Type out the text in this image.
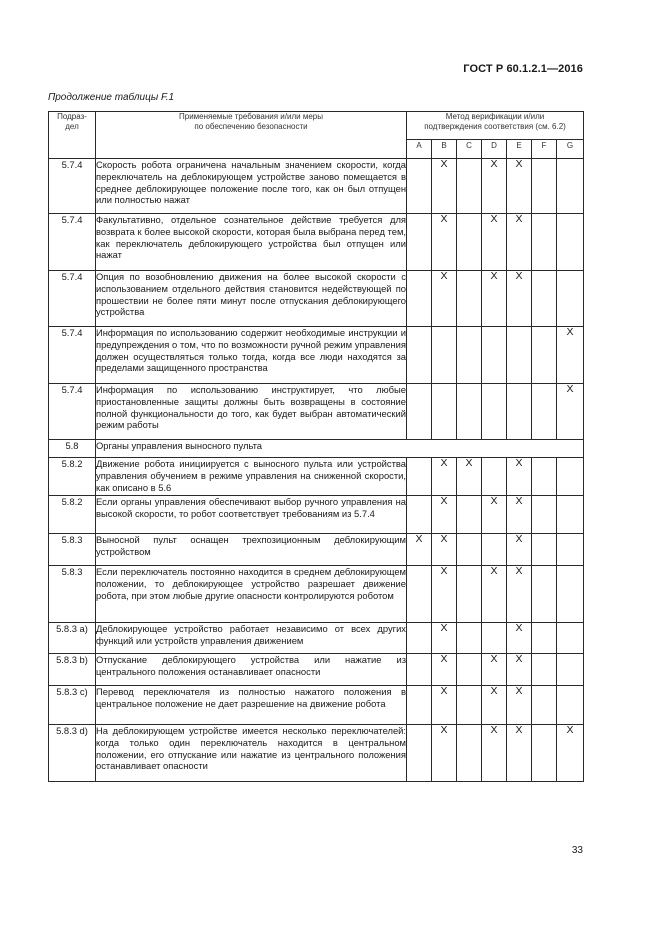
ГОСТ Р 60.1.2.1—2016
Продолжение таблицы F.1
Подраз-
дел	Применяемые требования и/или меры
по обеспечению безопасности	Метод верификации и/или
подтверждения соответствия (см. 6.2)						
		A	B	C	D	E	F	G
5.7.4	Скорость робота ограничена начальным значением скорости, когда переключатель на деблокирующем устройстве заново помещается в среднее деблокирующее положение после того, как он был отпущен или полностью нажат		X		X	X		
5.7.4	Факультативно, отдельное сознательное действие требуется для возврата к более высокой скорости, которая была выбрана перед тем, как переключатель деблокирующего устройства был отпущен или нажат		X		X	X		
5.7.4	Опция по возобновлению движения на более высокой скорости с использованием отдельного действия становится недействующей по прошествии не более пяти минут после отпускания деблокирующего устройства		X		X	X		
5.7.4	Информация по использованию содержит необходимые инструкции и предупреждения о том, что по возможности ручной режим управления должен осуществляться только тогда, когда все люди находятся за пределами защищенного пространства							X
5.7.4	Информация по использованию инструктирует, что любые приостановленные защиты должны быть возвращены в состояние полной функциональности до того, как будет выбран автоматический режим работы							X
5.8	Органы управления выносного пульта							
5.8.2	Движение робота инициируется с выносного пульта или устройства управления обучением в режиме управления на сниженной скорости, как описано в 5.6		X	X		X		
5.8.2	Если органы управления обеспечивают выбор ручного управления на высокой скорости, то робот соответствует требованиям из 5.7.4		X		X	X		
5.8.3	Выносной пульт оснащен трехпозиционным деблокирующим устройством	X	X			X		
5.8.3	Если переключатель постоянно находится в среднем деблокирующем положении, то деблокирующее устройство разрешает движение робота, при этом любые другие опасности контролируются роботом		X		X	X		
5.8.3 a)	Деблокирующее устройство работает независимо от всех других функций или устройств управления движением		X			X		
5.8.3 b)	Отпускание деблокирующего устройства или нажатие из центрального положения останавливает опасности		X		X	X		
5.8.3 c)	Перевод переключателя из полностью нажатого положения в центральное положение не дает разрешение на движение робота		X		X	X		
5.8.3 d)	На деблокирующем устройстве имеется несколько переключателей: когда только один переключатель находится в центральном положении, его отпускание или нажатие из центрального положения останавливает опасности		X		X	X		X
33
